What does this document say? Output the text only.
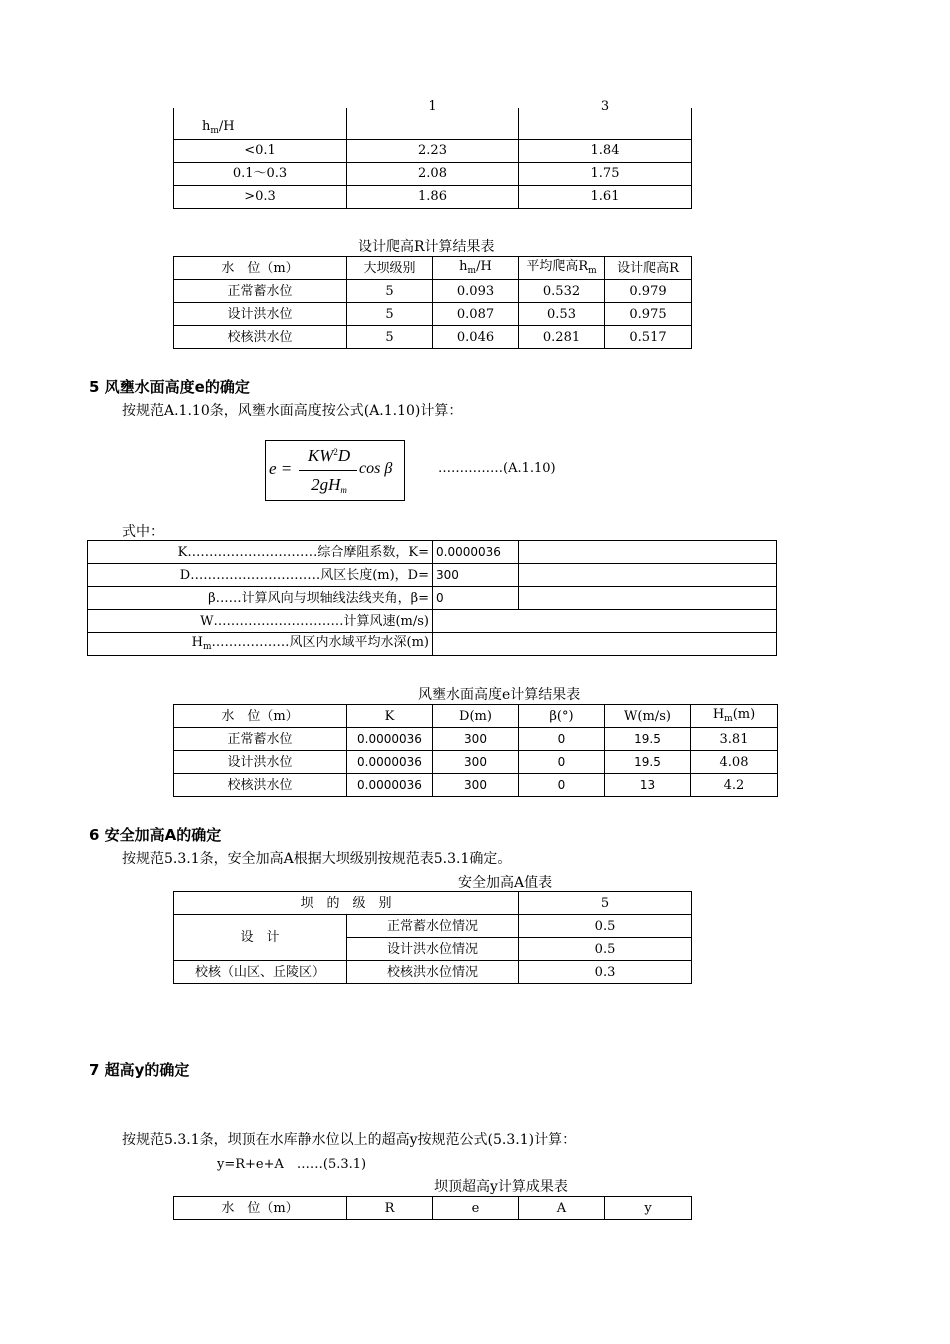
$h_m/H$	1	3

<0.1	2.23	1.84
0.1～0.3	2.08	1.75
>0.3	1.86	1.61
设计爬高R计算结果表
水　位（m）	大坝级别	$h_m/H$	平均爬高$R_m$	设计爬高R
正常蓄水位	5	0.093	0.532	0.979
设计洪水位	5	0.087	0.53	0.975
校核洪水位	5	0.046	0.281	0.517
5 风壅水面高度e的确定
按规范A.1.10条，风壅水面高度按公式(A.1.10)计算：
e =
$KW^2D$
$2gH_m$
cos β	……………(A.1.10)
式中：
K…………………………综合摩阻系数，K=	0.0000036	
D…………………………风区长度(m)，D=	300	
β……计算风向与坝轴线法线夹角，β=	0	
W…………………………计算风速(m/s)		
$H_m\dots\dots\dots\dots\dots\dots$风区内水域平均水深(m)		
风壅水面高度e计算结果表
水　位（m）	K	D(m)	β(°)	W(m/s)	$H_m(m)$
正常蓄水位	0.0000036	300	0	19.5	3.81
设计洪水位	0.0000036	300	0	19.5	4.08
校核洪水位	0.0000036	300	0	13	4.2
6 安全加高A的确定
按规范5.3.1条，安全加高A根据大坝级别按规范表5.3.1确定。
安全加高A值表
坝　的　级　别		5
设　计	正常蓄水位情况	0.5
	设计洪水位情况	0.5
校核（山区、丘陵区）	校核洪水位情况	0.3
7 超高y的确定
按规范5.3.1条，坝顶在水库静水位以上的超高y按规范公式(5.3.1)计算：
y=R+e+A　……(5.3.1)
坝顶超高y计算成果表
水　位（m）	R	e	A	y
